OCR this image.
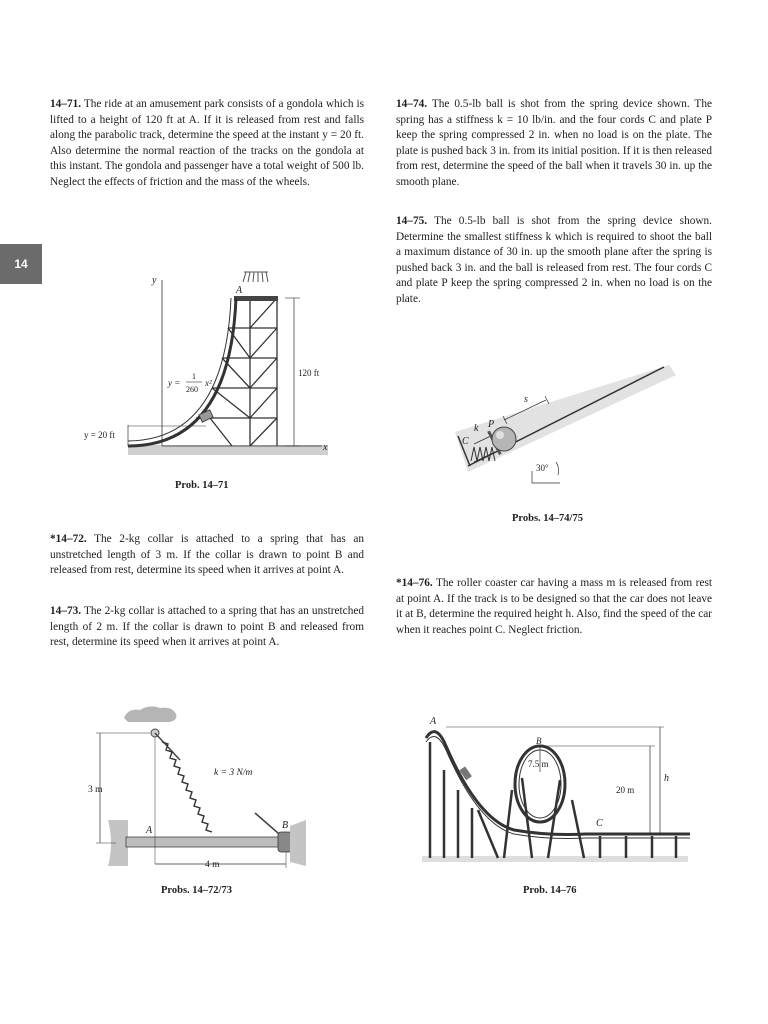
14
14–71. The ride at an amusement park consists of a gondola which is lifted to a height of 120 ft at A. If it is released from rest and falls along the parabolic track, determine the speed at the instant y = 20 ft. Also determine the normal reaction of the tracks on the gondola at this instant. The gondola and passenger have a total weight of 500 lb. Neglect the effects of friction and the mass of the wheels.
14–74. The 0.5-lb ball is shot from the spring device shown. The spring has a stiffness k = 10 lb/in. and the four cords C and plate P keep the spring compressed 2 in. when no load is on the plate. The plate is pushed back 3 in. from its initial position. If it is then released from rest, determine the speed of the ball when it travels 30 in. up the smooth plane.
14–75. The 0.5-lb ball is shot from the spring device shown. Determine the smallest stiffness k which is required to shoot the ball a maximum distance of 30 in. up the smooth plane after the spring is pushed back 3 in. and the ball is released from rest. The four cords C and plate P keep the spring compressed 2 in. when no load is on the plate.
*14–72. The 2-kg collar is attached to a spring that has an unstretched length of 3 m. If the collar is drawn to point B and released from rest, determine its speed when it arrives at point A.
14–73. The 2-kg collar is attached to a spring that has an unstretched length of 2 m. If the collar is drawn to point B and released from rest, determine its speed when it arrives at point A.
*14–76. The roller coaster car having a mass m is released from rest at point A. If the track is to be designed so that the car does not leave it at B, determine the required height h. Also, find the speed of the car when it reaches point C. Neglect friction.
y
x
A
y =
1
260
x²
120 ft
y = 20 ft
Prob. 14–71
k
C
P
s
30°
Probs. 14–74/75
k = 3 N/m
3 m
4 m
A	B
Probs. 14–72/73
A
B
7.5 m
20 m
h
C
Prob. 14–76
